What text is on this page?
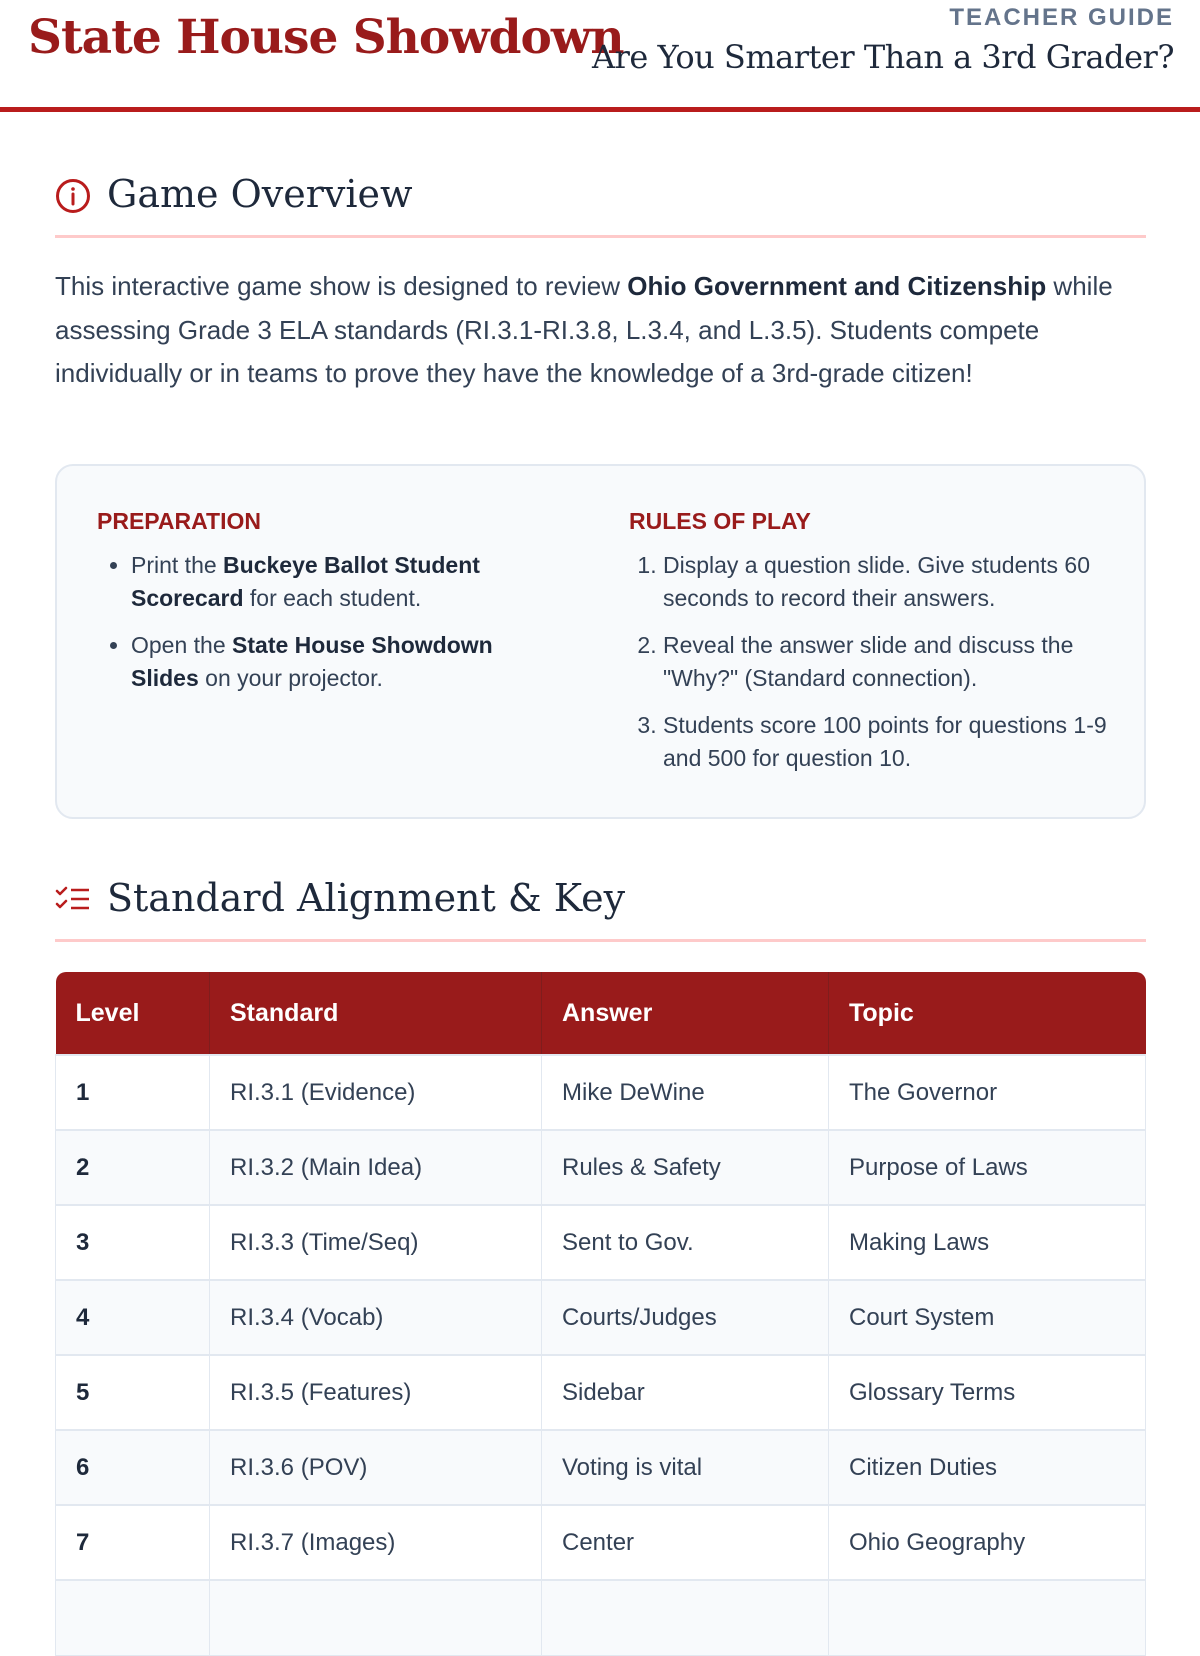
State House Showdown	TEACHER GUIDE
Are You Smarter Than a 3rd Grader?
Game Overview

This interactive game show is designed to review Ohio Government and Citizenship while assessing Grade 3 ELA standards (RI.3.1-RI.3.8, L.3.4, and L.3.5). Students compete individually or in teams to prove they have the knowledge of a 3rd-grade citizen!

PREPARATION
• Print the Buckeye Ballot Student Scorecard for each student.
• Open the State House Showdown Slides on your projector.
RULES OF PLAY
1. Display a question slide. Give students 60 seconds to record their answers.
2. Reveal the answer slide and discuss the "Why?" (Standard connection).
3. Students score 100 points for questions 1-9 and 500 for question 10.
Standard Alignment & Key
Level	Standard	Answer	Topic
1	RI.3.1 (Evidence)	Mike DeWine	The Governor
2	RI.3.2 (Main Idea)	Rules & Safety	Purpose of Laws
3	RI.3.3 (Time/Seq)	Sent to Gov.	Making Laws
4	RI.3.4 (Vocab)	Courts/Judges	Court System
5	RI.3.5 (Features)	Sidebar	Glossary Terms
6	RI.3.6 (POV)	Voting is vital	Citizen Duties
7	RI.3.7 (Images)	Center	Ohio Geography
